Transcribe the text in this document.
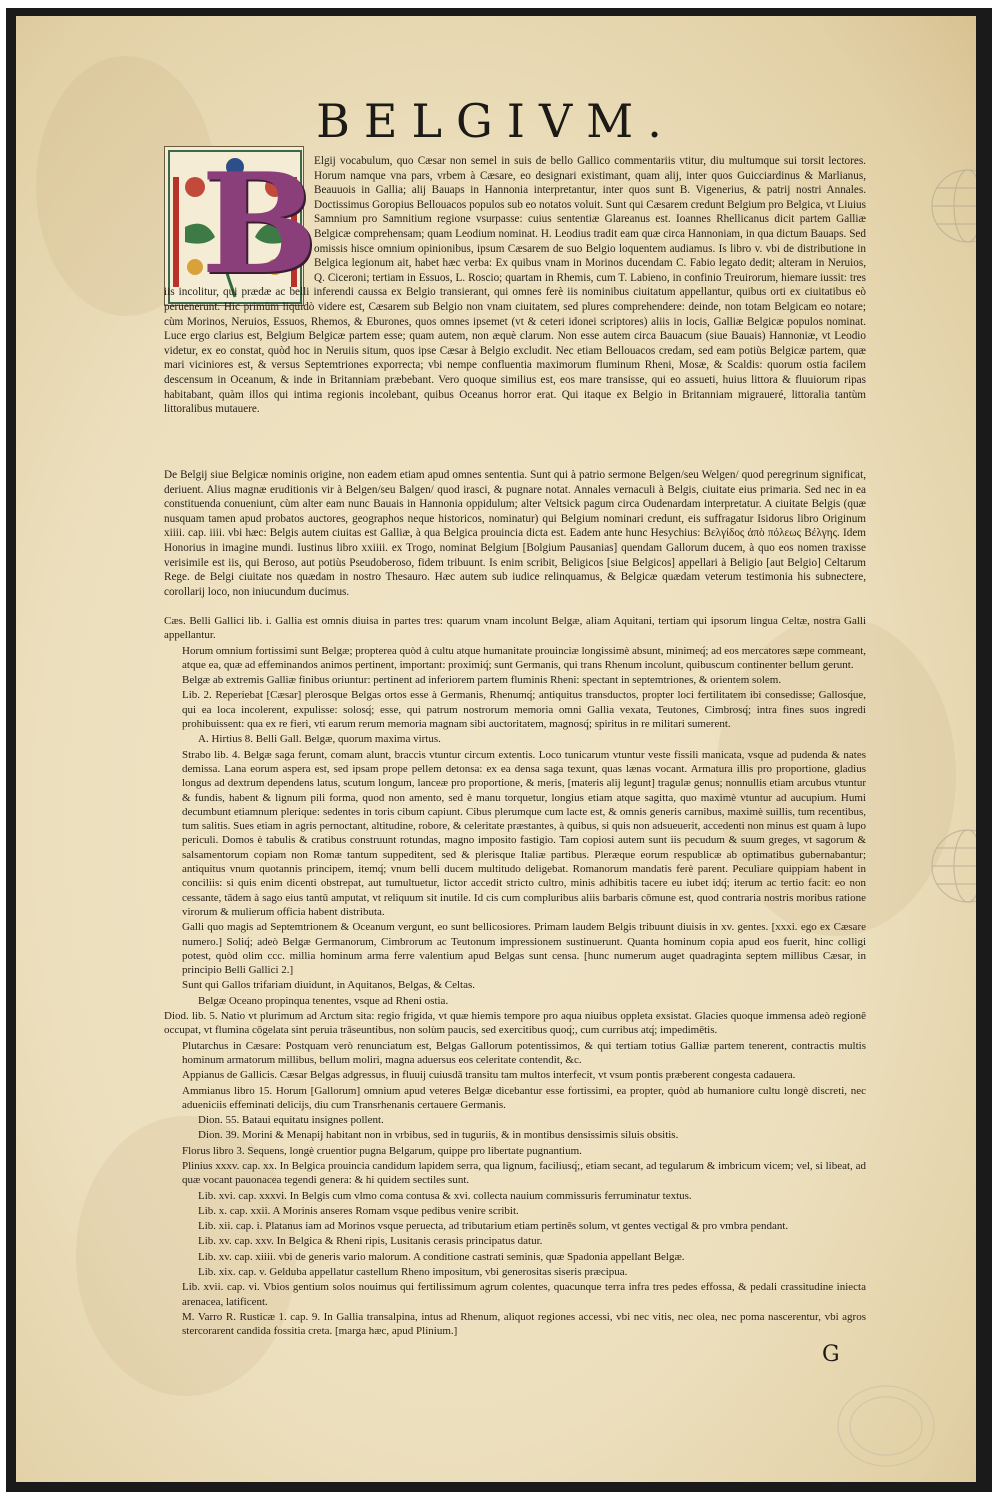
BELGIVM.
B

Elgij vocabulum, quo Cæsar non semel in suis de bello Gallico commentariis vtitur, diu multumque sui torsit lectores. Horum namque vna pars, vrbem à Cæsare, eo designari existimant, quam alij, inter quos Guicciardinus & Marlianus, Beauuois in Gallia; alij Bauaps in Hannonia interpretantur, inter quos sunt B. Vigenerius, & patrij nostri Annales. Doctissimus Goropius Bellouacos populos sub eo notatos voluit. Sunt qui Cæsarem credunt Belgium pro Belgica, vt Liuius Samnium pro Samnitium regione vsurpasse: cuius sententiæ Glareanus est. Ioannes Rhellicanus dicit partem Galliæ Belgicæ comprehensam; quam Leodium nominat. H. Leodius tradit eam quæ circa Hannoniam, in qua dictum Bauaps. Sed omissis hisce omnium opinionibus, ipsum Cæsarem de suo Belgio loquentem audiamus. Is libro v. vbi de distributione in Belgica legionum ait, habet hæc verba: Ex quibus vnam in Morinos ducendam C. Fabio legato dedit; alteram in Neruios, Q. Ciceroni; tertiam in Essuos, L. Roscio; quartam in Rhemis, cum T. Labieno, in confinio Treuirorum, hiemare iussit: tres

iis incolitur, qui prædæ ac belli inferendi caussa ex Belgio transierant, qui omnes ferè iis nominibus ciuitatum appellantur, quibus orti ex ciuitatibus eò peruenerunt. Hic primùm liquidò videre est, Cæsarem sub Belgio non vnam ciuitatem, sed plures comprehendere: deinde, non totam Belgicam eo notare; cùm Morinos, Neruios, Essuos, Rhemos, & Eburones, quos omnes ipsemet (vt & ceteri idonei scriptores) aliis in locis, Galliæ Belgicæ populos nominat. Luce ergo clarius est, Belgium Belgicæ partem esse; quam autem, non æquè clarum. Non esse autem circa Bauacum (siue Bauais) Hannoniæ, vt Leodio videtur, ex eo constat, quòd hoc in Neruiis situm, quos ipse Cæsar à Belgio excludit. Nec etiam Bellouacos credam, sed eam potiùs Belgicæ partem, quæ mari viciniores est, & versus Septemtriones exporrecta; vbi nempe confluentia maximorum fluminum Rheni, Mosæ, & Scaldis: quorum ostia facilem descensum in Oceanum, & inde in Britanniam præbebant. Vero quoque similius est, eos mare transisse, qui eo assueti, huius littora & fluuiorum ripas habitabant, quàm illos qui intima regionis incolebant, quibus Oceanus horror erat. Qui itaque ex Belgio in Britanniam migraueré, littoralia tantùm littoralibus mutauere.

De Belgij siue Belgicæ nominis origine, non eadem etiam apud omnes sententia. Sunt qui à patrio sermone Belgen/seu Welgen/ quod peregrinum significat, deriuent. Alius magnæ eruditionis vir à Belgen/seu Balgen/ quod irasci, & pugnare notat. Annales vernaculi à Belgis, ciuitate eius primaria. Sed nec in ea constituenda conueniunt, cùm alter eam nunc Bauais in Hannonia oppidulum; alter Veltsick pagum circa Oudenardam interpretatur. A ciuitate Belgis (quæ nusquam tamen apud probatos auctores, geographos neque historicos, nominatur) qui Belgium nominari credunt, eis suffragatur Isidorus libro Originum xiiii. cap. iiii. vbi hæc: Belgis autem ciuitas est Galliæ, à qua Belgica prouincia dicta est. Eadem ante hunc Hesychius: Βελγίδος ἀπὸ πόλεως Βέλγης. Idem Honorius in imagine mundi. Iustinus libro xxiiii. ex Trogo, nominat Belgium [Bolgium Pausanias] quendam Gallorum ducem, à quo eos nomen traxisse verisimile est iis, qui Beroso, aut potiùs Pseudoberoso, fidem tribuunt. Is enim scribit, Beligicos [siue Belgicos] appellari à Beligio [aut Belgio] Celtarum Rege. de Belgi ciuitate nos quædam in nostro Thesauro. Hæc autem sub iudice relinquamus, & Belgicæ quædam veterum testimonia his subnectere, corollarij loco, non iniucundum ducimus.

Cæs. Belli Gallici lib. i. Gallia est omnis diuisa in partes tres: quarum vnam incolunt Belgæ, aliam Aquitani, tertiam qui ipsorum lingua Celtæ, nostra Galli appellantur.

Horum omnium fortissimi sunt Belgæ; propterea quòd à cultu atque humanitate prouinciæ longissimè absunt, minimeq́; ad eos mercatores sæpe commeant, atque ea, quæ ad effeminandos animos pertinent, important: proximiq́; sunt Germanis, qui trans Rhenum incolunt, quibuscum continenter bellum gerunt.

Belgæ ab extremis Galliæ finibus oriuntur: pertinent ad inferiorem partem fluminis Rheni: spectant in septemtriones, & orientem solem.

Lib. 2. Reperiebat [Cæsar] plerosque Belgas ortos esse à Germanis, Rhenumq́; antiquitus transductos, propter loci fertilitatem ibi consedisse; Gallosq́ue, qui ea loca incolerent, expulisse: solosq́; esse, qui patrum nostrorum memoria omni Gallia vexata, Teutones, Cimbrosq́; intra fines suos ingredi prohibuissent: qua ex re fieri, vti earum rerum memoria magnam sibi auctoritatem, magnosq́; spiritus in re militari sumerent.

A. Hirtius 8. Belli Gall. Belgæ, quorum maxima virtus.

Strabo lib. 4. Belgæ saga ferunt, comam alunt, braccis vtuntur circum extentis. Loco tunicarum vtuntur veste fissili manicata, vsque ad pudenda & nates demissa. Lana eorum aspera est, sed ipsam prope pellem detonsa: ex ea densa saga texunt, quas lænas vocant. Armatura illis pro proportione, gladius longus ad dextrum dependens latus, scutum longum, lanceæ pro proportione, & meris, [materis alij legunt] tragulæ genus; nonnullis etiam arcubus vtuntur & fundis, habent & lignum pili forma, quod non amento, sed è manu torquetur, longius etiam atque sagitta, quo maximè vtuntur ad aucupium. Humi decumbunt etiamnum plerique: sedentes in toris cibum capiunt. Cibus plerumque cum lacte est, & omnis generis carnibus, maximè suillis, tum recentibus, tum salitis. Sues etiam in agris pernoctant, altitudine, robore, & celeritate præstantes, à quibus, si quis non adsueuerit, accedenti non minus est quam à lupo periculi. Domos è tabulis & cratibus construunt rotundas, magno imposito fastigio. Tam copiosi autem sunt iis pecudum & suum greges, vt sagorum & salsamentorum copiam non Romæ tantum suppeditent, sed & plerisque Italiæ partibus. Pleræque eorum respublicæ ab optimatibus gubernabantur; antiquitus vnum quotannis principem, itemq́; vnum belli ducem multitudo deligebat. Romanorum mandatis ferè parent. Peculiare quippiam habent in conciliis: si quis enim dicenti obstrepat, aut tumultuetur, lictor accedit stricto cultro, minis adhibitis tacere eu iubet idq́; iterum ac tertio facit: eo non cessante, tādem à sago eius tantū amputat, vt reliquum sit inutile. Id cis cum compluribus aliis barbaris cōmune est, quod contraria nostris moribus ratione virorum & mulierum officia habent distributa.

Galli quo magis ad Septemtrionem & Oceanum vergunt, eo sunt bellicosiores. Primam laudem Belgis tribuunt diuisis in xv. gentes. [xxxi. ego ex Cæsare numero.] Soliq́; adeò Belgæ Germanorum, Cimbrorum ac Teutonum impressionem sustinuerunt. Quanta hominum copia apud eos fuerit, hinc colligi potest, quòd olim ccc. millia hominum arma ferre valentium apud Belgas sunt censa. [hunc numerum auget quadraginta septem millibus Cæsar, in principio Belli Gallici 2.]

Sunt qui Gallos trifariam diuidunt, in Aquitanos, Belgas, & Celtas.

Belgæ Oceano propinqua tenentes, vsque ad Rheni ostia.

Diod. lib. 5. Natio vt plurimum ad Arctum sita: regio frigida, vt quæ hiemis tempore pro aqua niuibus oppleta exsistat. Glacies quoque immensa adeò regionē occupat, vt flumina cōgelata sint peruia trāseuntibus, non solùm paucis, sed exercitibus quoq́;, cum curribus atq́; impedimētis.

Plutarchus in Cæsare: Postquam verò renunciatum est, Belgas Gallorum potentissimos, & qui tertiam totius Galliæ partem tenerent, contractis multis hominum armatorum millibus, bellum moliri, magna aduersus eos celeritate contendit, &c.

Appianus de Gallicis. Cæsar Belgas adgressus, in fluuij cuiusdā transitu tam multos interfecit, vt vsum pontis præberent congesta cadauera.

Ammianus libro 15. Horum [Gallorum] omnium apud veteres Belgæ dicebantur esse fortissimi, ea propter, quòd ab humaniore cultu longè discreti, nec adueniciis effeminati delicijs, diu cum Transrhenanis certauere Germanis.

Dion. 55. Bataui equitatu insignes pollent.

Dion. 39. Morini & Menapij habitant non in vrbibus, sed in tuguriis, & in montibus densissimis siluis obsitis.

Florus libro 3. Sequens, longè cruentior pugna Belgarum, quippe pro libertate pugnantium.

Plinius xxxv. cap. xx. In Belgica prouincia candidum lapidem serra, qua lignum, faciliusq́;, etiam secant, ad tegularum & imbricum vicem; vel, si libeat, ad quæ vocant pauonacea tegendi genera: & hi quidem sectiles sunt.

Lib. xvi. cap. xxxvi. In Belgis cum vlmo coma contusa & xvi. collecta nauium commissuris ferruminatur textus.

Lib. x. cap. xxii. A Morinis anseres Romam vsque pedibus venire scribit.

Lib. xii. cap. i. Platanus iam ad Morinos vsque peruecta, ad tributarium etiam pertinēs solum, vt gentes vectigal & pro vmbra pendant.

Lib. xv. cap. xxv. In Belgica & Rheni ripis, Lusitanis cerasis principatus datur.

Lib. xv. cap. xiiii. vbi de generis vario malorum. A conditione castrati seminis, quæ Spadonia appellant Belgæ.

Lib. xix. cap. v. Gelduba appellatur castellum Rheno impositum, vbi generositas siseris præcipua.

Lib. xvii. cap. vi. Vbios gentium solos nouimus qui fertilissimum agrum colentes, quacunque terra infra tres pedes effossa, & pedali crassitudine iniecta arenacea, latificent.

M. Varro R. Rusticæ 1. cap. 9. In Gallia transalpina, intus ad Rhenum, aliquot regiones accessi, vbi nec vitis, nec olea, nec poma nascerentur, vbi agros stercorarent candida fossitia creta. [marga hæc, apud Plinium.]

G
